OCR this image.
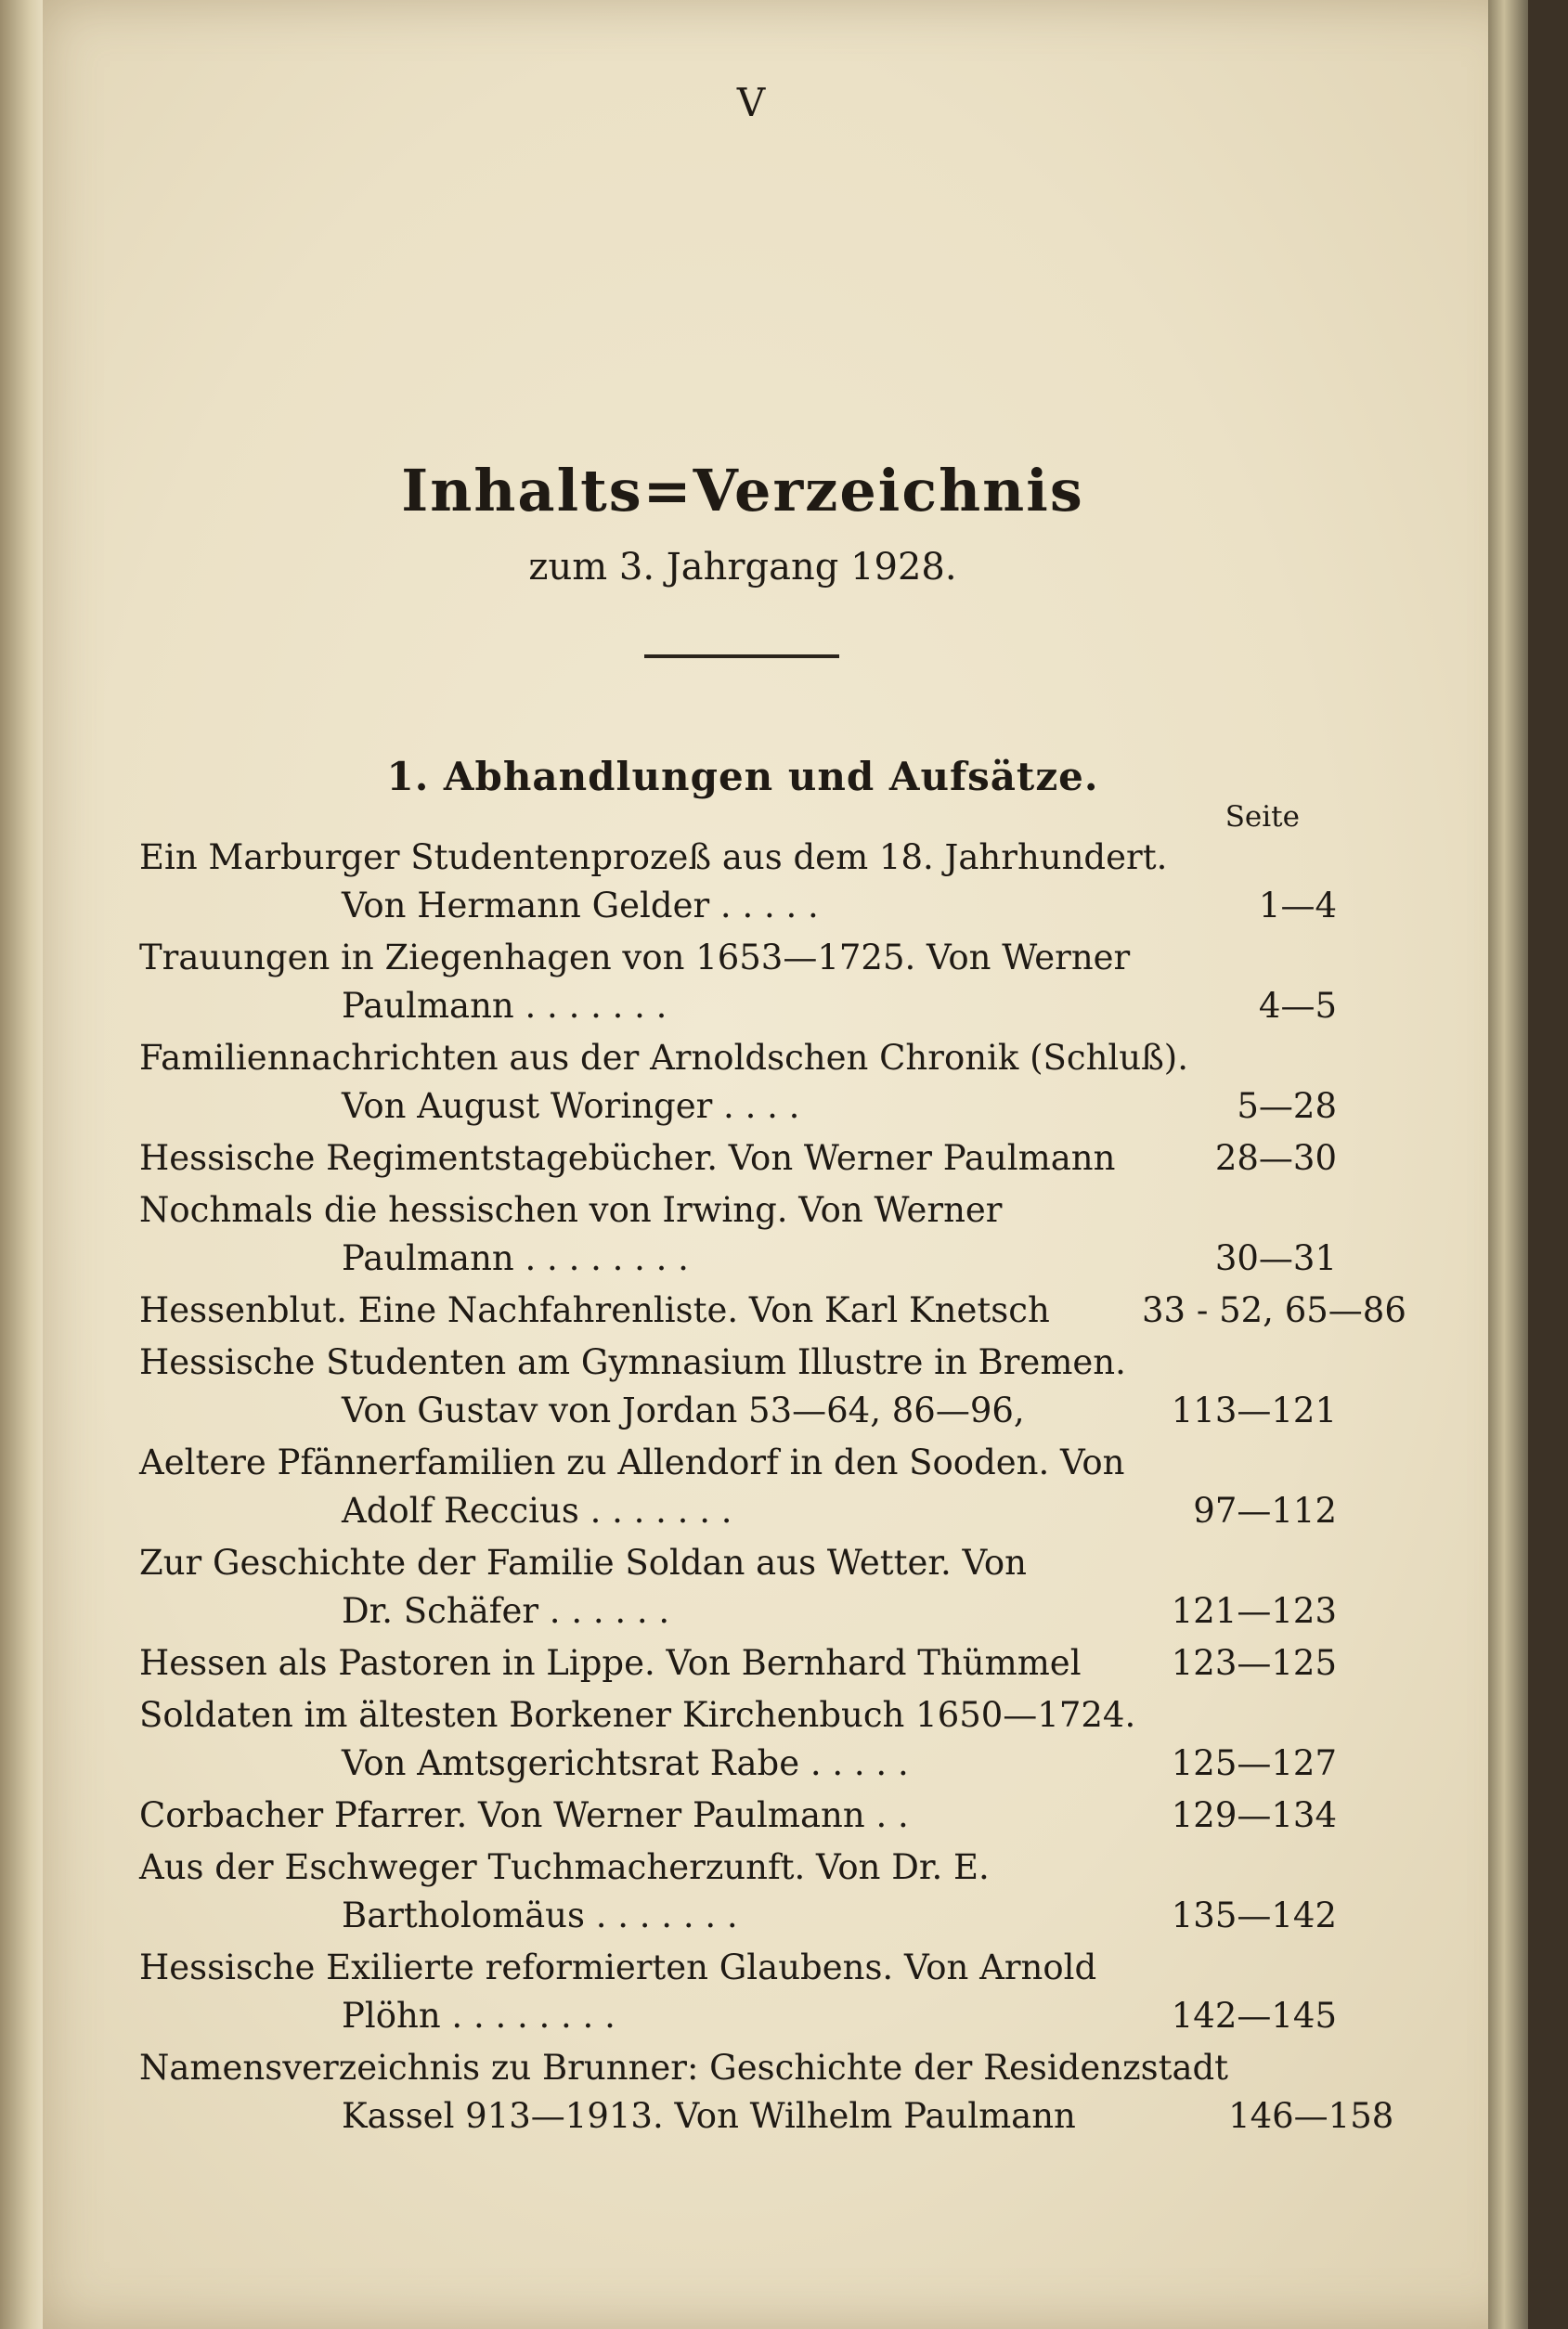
V
Inhalts=Verzeichnis
zum 3. Jahrgang 1928.
1. Abhandlungen und Aufsätze.
Seite
Ein Marburger Studentenprozeß aus dem 18. Jahrhundert.
Von Hermann Gelder . . . . .	1—4
Trauungen in Ziegenhagen von 1653—1725. Von Werner
Paulmann . . . . . . .	4—5
Familiennachrichten aus der Arnoldschen Chronik (Schluß).
Von August Woringer . . . .	5—28
Hessische Regimentstagebücher. Von Werner Paulmann	28—30
Nochmals die hessischen von Irwing. Von Werner
Paulmann . . . . . . . .	30—31
Hessenblut. Eine Nachfahrenliste. Von Karl Knetsch	33 - 52, 65—86
Hessische Studenten am Gymnasium Illustre in Bremen.
Von Gustav von Jordan 53—64, 86—96,	113—121
Aeltere Pfännerfamilien zu Allendorf in den Sooden. Von
Adolf Reccius . . . . . . .	97—112
Zur Geschichte der Familie Soldan aus Wetter. Von
Dr. Schäfer . . . . . .	121—123
Hessen als Pastoren in Lippe. Von Bernhard Thümmel	123—125
Soldaten im ältesten Borkener Kirchenbuch 1650—1724.
Von Amtsgerichtsrat Rabe . . . . .	125—127
Corbacher Pfarrer. Von Werner Paulmann . .	129—134
Aus der Eschweger Tuchmacherzunft. Von Dr. E.
Bartholomäus . . . . . . .	135—142
Hessische Exilierte reformierten Glaubens. Von Arnold
Plöhn . . . . . . . .	142—145
Namensverzeichnis zu Brunner: Geschichte der Residenzstadt
Kassel 913—1913. Von Wilhelm Paulmann	146—158
